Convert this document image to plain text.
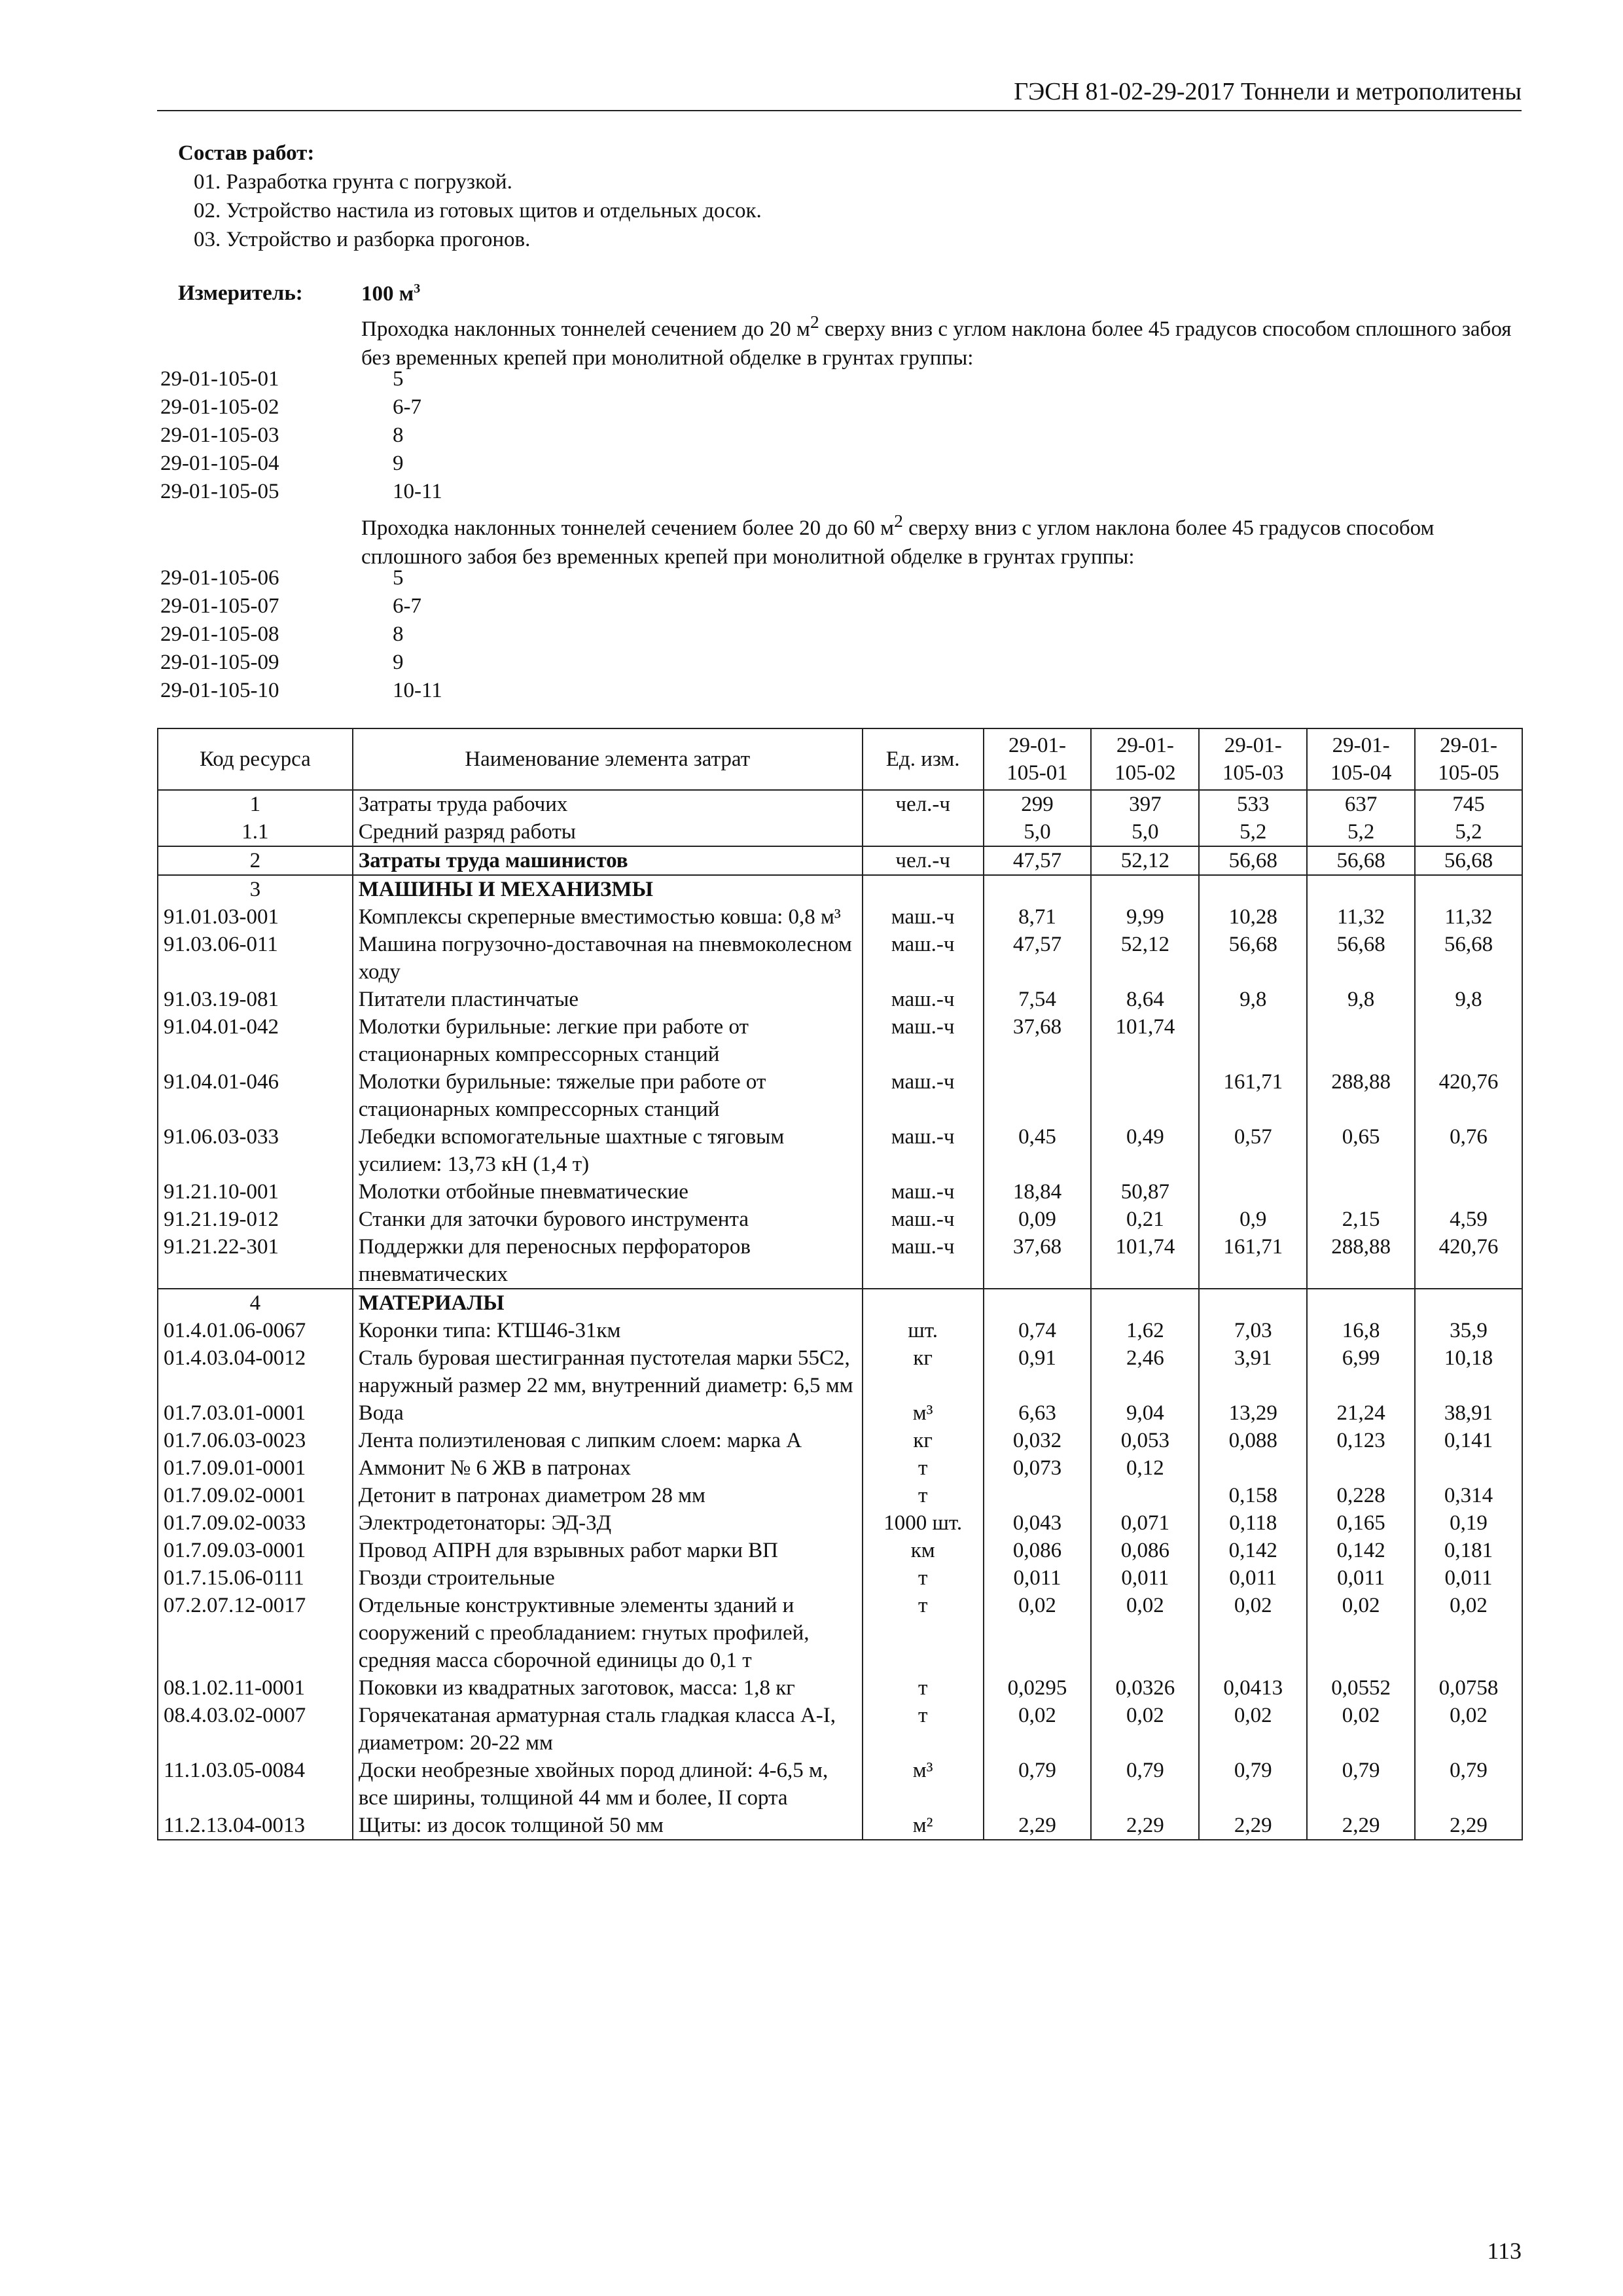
ГЭСН 81-02-29-2017 Тоннели и метрополитены
Состав работ:
01. Разработка грунта с погрузкой.
02. Устройство настила из готовых щитов и отдельных досок.
03. Устройство и разборка прогонов.
Измеритель:	100 $м^3$
Проходка наклонных тоннелей сечением до 20 $м^2$ сверху вниз с углом наклона более 45 градусов способом сплошного забоя без временных крепей при монолитной обделке в грунтах группы:
29-01-105-01	5
29-01-105-02	6-7
29-01-105-03	8
29-01-105-04	9
29-01-105-05	10-11
Проходка наклонных тоннелей сечением более 20 до 60 $м^2$ сверху вниз с углом наклона более 45 градусов способом сплошного забоя без временных крепей при монолитной обделке в грунтах группы:
29-01-105-06	5
29-01-105-07	6-7
29-01-105-08	8
29-01-105-09	9
29-01-105-10	10-11
Код ресурса	Наименование элемента затрат	Ед. изм.	29-01-105-01	29-01-105-02	29-01-105-03	29-01-105-04	29-01-105-05
1	Затраты труда рабочих	чел.-ч	299	397	533	637	745
1.1	Средний разряд работы		5,0	5,0	5,2	5,2	5,2
2	Затраты труда машинистов	чел.-ч	47,57	52,12	56,68	56,68	56,68
3	МАШИНЫ И МЕХАНИЗМЫ						
91.01.03-001	Комплексы скреперные вместимостью ковша: 0,8 м³	маш.-ч	8,71	9,99	10,28	11,32	11,32
91.03.06-011	Машина погрузочно-доставочная на пневмоколесном ходу	маш.-ч	47,57	52,12	56,68	56,68	56,68
91.03.19-081	Питатели пластинчатые	маш.-ч	7,54	8,64	9,8	9,8	9,8
91.04.01-042	Молотки бурильные: легкие при работе от стационарных компрессорных станций	маш.-ч	37,68	101,74			
91.04.01-046	Молотки бурильные: тяжелые при работе от стационарных компрессорных станций	маш.-ч			161,71	288,88	420,76
91.06.03-033	Лебедки вспомогательные шахтные с тяговым усилием: 13,73 кН (1,4 т)	маш.-ч	0,45	0,49	0,57	0,65	0,76
91.21.10-001	Молотки отбойные пневматические	маш.-ч	18,84	50,87			
91.21.19-012	Станки для заточки бурового инструмента	маш.-ч	0,09	0,21	0,9	2,15	4,59
91.21.22-301	Поддержки для переносных перфораторов пневматических	маш.-ч	37,68	101,74	161,71	288,88	420,76
4	МАТЕРИАЛЫ						
01.4.01.06-0067	Коронки типа: КТШ46-31км	шт.	0,74	1,62	7,03	16,8	35,9
01.4.03.04-0012	Сталь буровая шестигранная пустотелая марки 55С2, наружный размер 22 мм, внутренний диаметр: 6,5 мм	кг	0,91	2,46	3,91	6,99	10,18
01.7.03.01-0001	Вода	м³	6,63	9,04	13,29	21,24	38,91
01.7.06.03-0023	Лента полиэтиленовая с липким слоем: марка А	кг	0,032	0,053	0,088	0,123	0,141
01.7.09.01-0001	Аммонит № 6 ЖВ в патронах	т	0,073	0,12			
01.7.09.02-0001	Детонит в патронах диаметром 28 мм	т			0,158	0,228	0,314
01.7.09.02-0033	Электродетонаторы: ЭД-3Д	1000 шт.	0,043	0,071	0,118	0,165	0,19
01.7.09.03-0001	Провод АПРН для взрывных работ марки ВП	км	0,086	0,086	0,142	0,142	0,181
01.7.15.06-0111	Гвозди строительные	т	0,011	0,011	0,011	0,011	0,011
07.2.07.12-0017	Отдельные конструктивные элементы зданий и сооружений с преобладанием: гнутых профилей, средняя масса сборочной единицы до 0,1 т	т	0,02	0,02	0,02	0,02	0,02
08.1.02.11-0001	Поковки из квадратных заготовок, масса: 1,8 кг	т	0,0295	0,0326	0,0413	0,0552	0,0758
08.4.03.02-0007	Горячекатаная арматурная сталь гладкая класса А-I, диаметром: 20-22 мм	т	0,02	0,02	0,02	0,02	0,02
11.1.03.05-0084	Доски необрезные хвойных пород длиной: 4-6,5 м, все ширины, толщиной 44 мм и более, II сорта	м³	0,79	0,79	0,79	0,79	0,79
11.2.13.04-0013	Щиты: из досок толщиной 50 мм	м²	2,29	2,29	2,29	2,29	2,29
113
